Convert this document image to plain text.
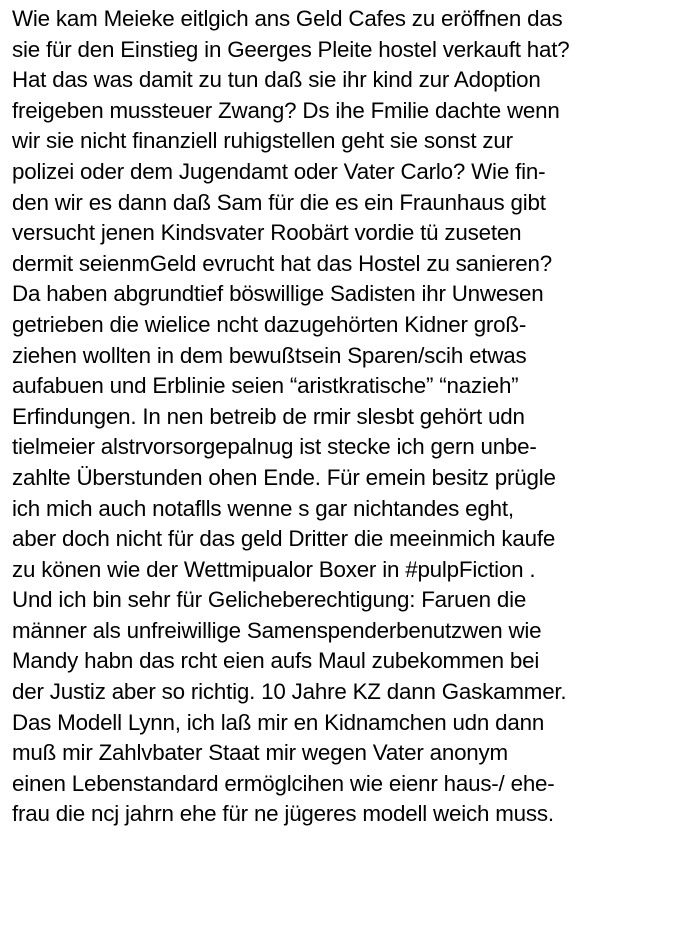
Wie kam Meieke eitlgich ans Geld Cafes zu eröffnen das
sie für den Einstieg in Geerges Pleite hostel verkauft hat?
Hat das was damit zu tun daß sie ihr kind zur Adoption
freigeben mussteuer Zwang? Ds ihe Fmilie dachte wenn
wir sie nicht finanziell ruhigstellen geht sie sonst zur
polizei oder dem Jugendamt oder Vater Carlo? Wie fin-
den wir es dann daß Sam für die es ein Fraunhaus gibt
versucht jenen Kindsvater Roobärt vordie tü zuseten
dermit seienmGeld evrucht hat das Hostel zu sanieren?
Da haben abgrundtief böswillige Sadisten ihr Unwesen
getrieben die wielice ncht dazugehörten Kidner groß-
ziehen wollten in dem bewußtsein Sparen/scih etwas
aufabuen und Erblinie seien “aristkratische” “nazieh”
Erfindungen. In nen betreib de rmir slesbt gehört udn
tielmeier alstrvorsorgepalnug ist stecke ich gern unbe-
zahlte Überstunden ohen Ende. Für emein besitz prügle
ich mich auch notaflls wenne s gar nichtandes eght,
aber doch nicht für das geld Dritter die meeinmich kaufe
zu könen wie der Wettmipualor Boxer in #pulpFiction .
Und ich bin sehr für Gelicheberechtigung: Faruen die
männer als unfreiwillige Samenspenderbenutzwen wie
Mandy habn das rcht eien aufs Maul zubekommen bei
der Justiz aber so richtig. 10 Jahre KZ dann Gaskammer.
Das Modell Lynn, ich laß mir en Kidnamchen udn dann
muß mir Zahlvbater Staat mir wegen Vater anonym
einen Lebenstandard ermöglcihen wie eienr haus-/ ehe-
frau die ncj jahrn ehe für ne jügeres modell weich muss.
